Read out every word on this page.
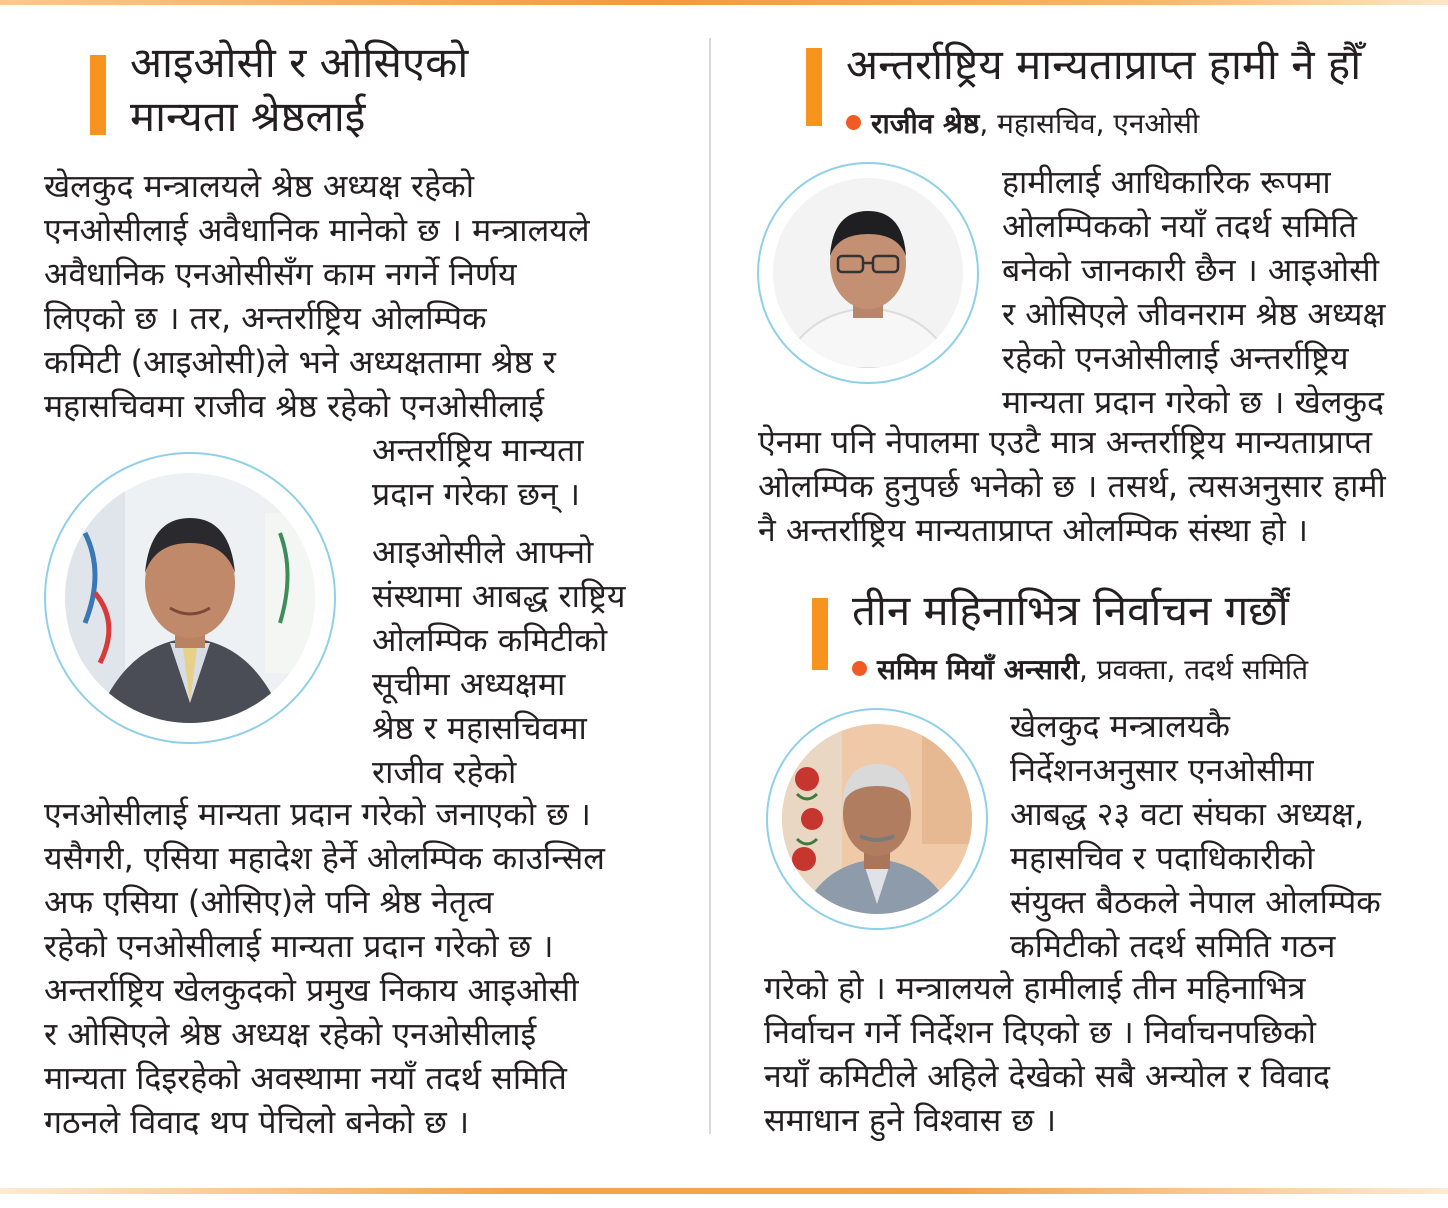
आइओसी र ओसिएको
मान्यता श्रेष्ठलाई
खेलकुद मन्त्रालयले श्रेष्ठ अध्यक्ष रहेको
एनओसीलाई अवैधानिक मानेको छ । मन्त्रालयले
अवैधानिक एनओसीसँग काम नगर्ने निर्णय
लिएको छ । तर, अन्तर्राष्ट्रिय ओलम्पिक
कमिटी (आइओसी)ले भने अध्यक्षतामा श्रेष्ठ र
महासचिवमा राजीव श्रेष्ठ रहेको एनओसीलाई
अन्तर्राष्ट्रिय मान्यता
प्रदान गरेका छन् ।
आइओसीले आफ्नो
संस्थामा आबद्ध राष्ट्रिय
ओलम्पिक कमिटीको
सूचीमा अध्यक्षमा
श्रेष्ठ र महासचिवमा
राजीव रहेको
एनओसीलाई मान्यता प्रदान गरेको जनाएको छ ।
यसैगरी, एसिया महादेश हेर्ने ओलम्पिक काउन्सिल
अफ एसिया (ओसिए)ले पनि श्रेष्ठ नेतृत्व
रहेको एनओसीलाई मान्यता प्रदान गरेको छ ।
अन्तर्राष्ट्रिय खेलकुदको प्रमुख निकाय आइओसी
र ओसिएले श्रेष्ठ अध्यक्ष रहेको एनओसीलाई
मान्यता दिइरहेको अवस्थामा नयाँ तदर्थ समिति
गठनले विवाद थप पेचिलो बनेको छ ।
अन्तर्राष्ट्रिय मान्यताप्राप्त हामी नै हौँ
राजीव श्रेष्ठ, महासचिव, एनओसी
हामीलाई आधिकारिक रूपमा
ओलम्पिकको नयाँ तदर्थ समिति
बनेको जानकारी छैन । आइओसी
र ओसिएले जीवनराम श्रेष्ठ अध्यक्ष
रहेको एनओसीलाई अन्तर्राष्ट्रिय
मान्यता प्रदान गरेको छ । खेलकुद
ऐनमा पनि नेपालमा एउटै मात्र अन्तर्राष्ट्रिय मान्यताप्राप्त
ओलम्पिक हुनुपर्छ भनेको छ । तसर्थ, त्यसअनुसार हामी
नै अन्तर्राष्ट्रिय मान्यताप्राप्त ओलम्पिक संस्था हो ।
तीन महिनाभित्र निर्वाचन गर्छौं
समिम मियाँ अन्सारी, प्रवक्ता, तदर्थ समिति
खेलकुद मन्त्रालयकै
निर्देशनअनुसार एनओसीमा
आबद्ध २३ वटा संघका अध्यक्ष,
महासचिव र पदाधिकारीको
संयुक्त बैठकले नेपाल ओलम्पिक
कमिटीको तदर्थ समिति गठन
गरेको हो । मन्त्रालयले हामीलाई तीन महिनाभित्र
निर्वाचन गर्ने निर्देशन दिएको छ । निर्वाचनपछिको
नयाँ कमिटीले अहिले देखेको सबै अन्योल र विवाद
समाधान हुने विश्वास छ ।
